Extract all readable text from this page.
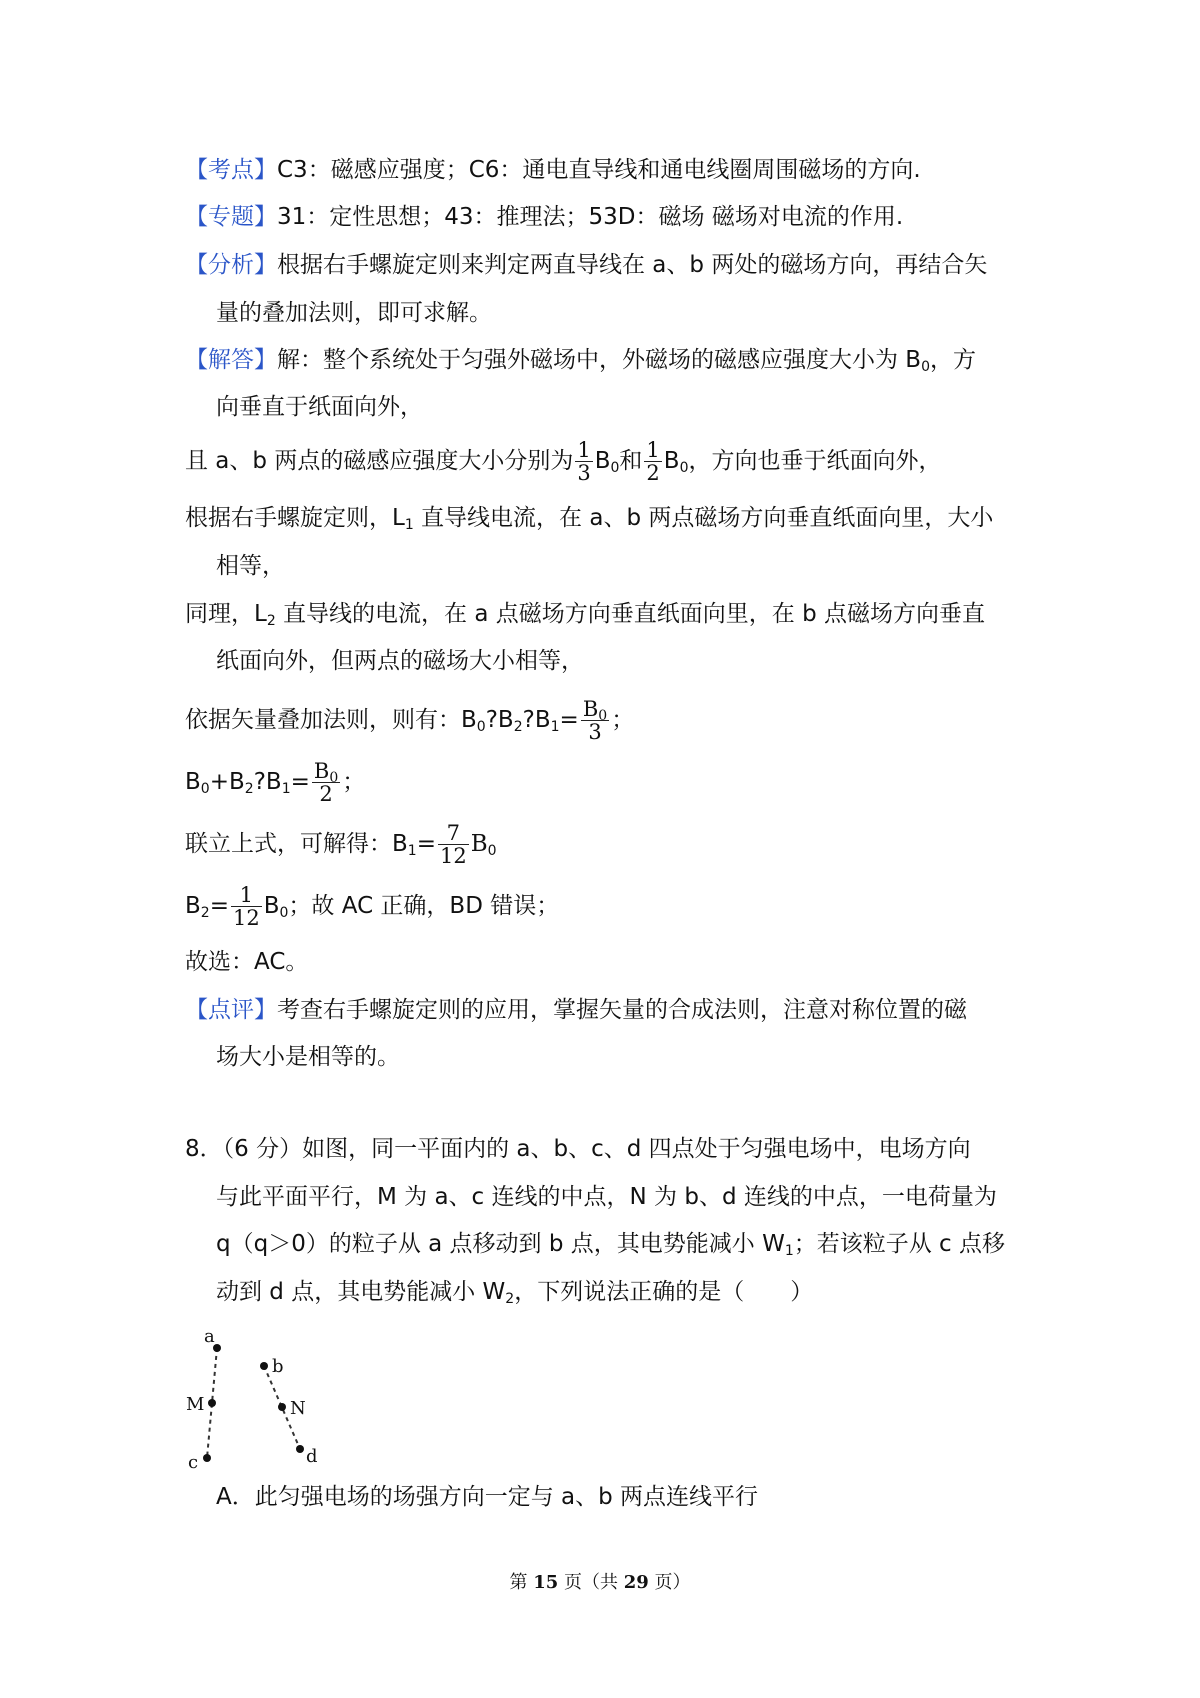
【考点】C3：磁感应强度；C6：通电直导线和通电线圈周围磁场的方向.
【专题】31：定性思想；43：推理法；53D：磁场 磁场对电流的作用.
【分析】根据右手螺旋定则来判定两直导线在 a、b 两处的磁场方向，再结合矢
量的叠加法则，即可求解。
【解答】解：整个系统处于匀强外磁场中，外磁场的磁感应强度大小为 $B_0$，方
向垂直于纸面向外，
且 a、b 两点的磁感应强度大小分别为 $\frac{1}{3} B_0$和 $\frac{1}{2} B_0$，方向也垂于纸面向外，
根据右手螺旋定则，$L_1$ 直导线电流，在 a、b 两点磁场方向垂直纸面向里，大小
相等，
同理，$L_2$ 直导线的电流，在 a 点磁场方向垂直纸面向里，在 b 点磁场方向垂直
纸面向外，但两点的磁场大小相等，
依据矢量叠加法则，则有：$B_0?B_2?B_1= \frac{B_0}{3}$ ；
$B_0+B_2?B_1= \frac{B_0}{2}$ ；
联立上式，可解得：$B_1= \frac{7}{12} B_0$
$B_2= \frac{1}{12} B_0$；故 AC 正确，BD 错误；
故选：AC。
【点评】考查右手螺旋定则的应用，掌握矢量的合成法则，注意对称位置的磁
场大小是相等的。
8．（6 分）如图，同一平面内的 a、b、c、d 四点处于匀强电场中，电场方向
与此平面平行，M 为 a、c 连线的中点，N 为 b、d 连线的中点，一电荷量为
q（q＞0）的粒子从 a 点移动到 b 点，其电势能减小 $W_1$；若该粒子从 c 点移
动到 d 点，其电势能减小 $W_2$，下列说法正确的是（　　）
a
M
c
b
N
d
A．此匀强电场的场强方向一定与 a、b 两点连线平行
第 15 页（共 29 页）
